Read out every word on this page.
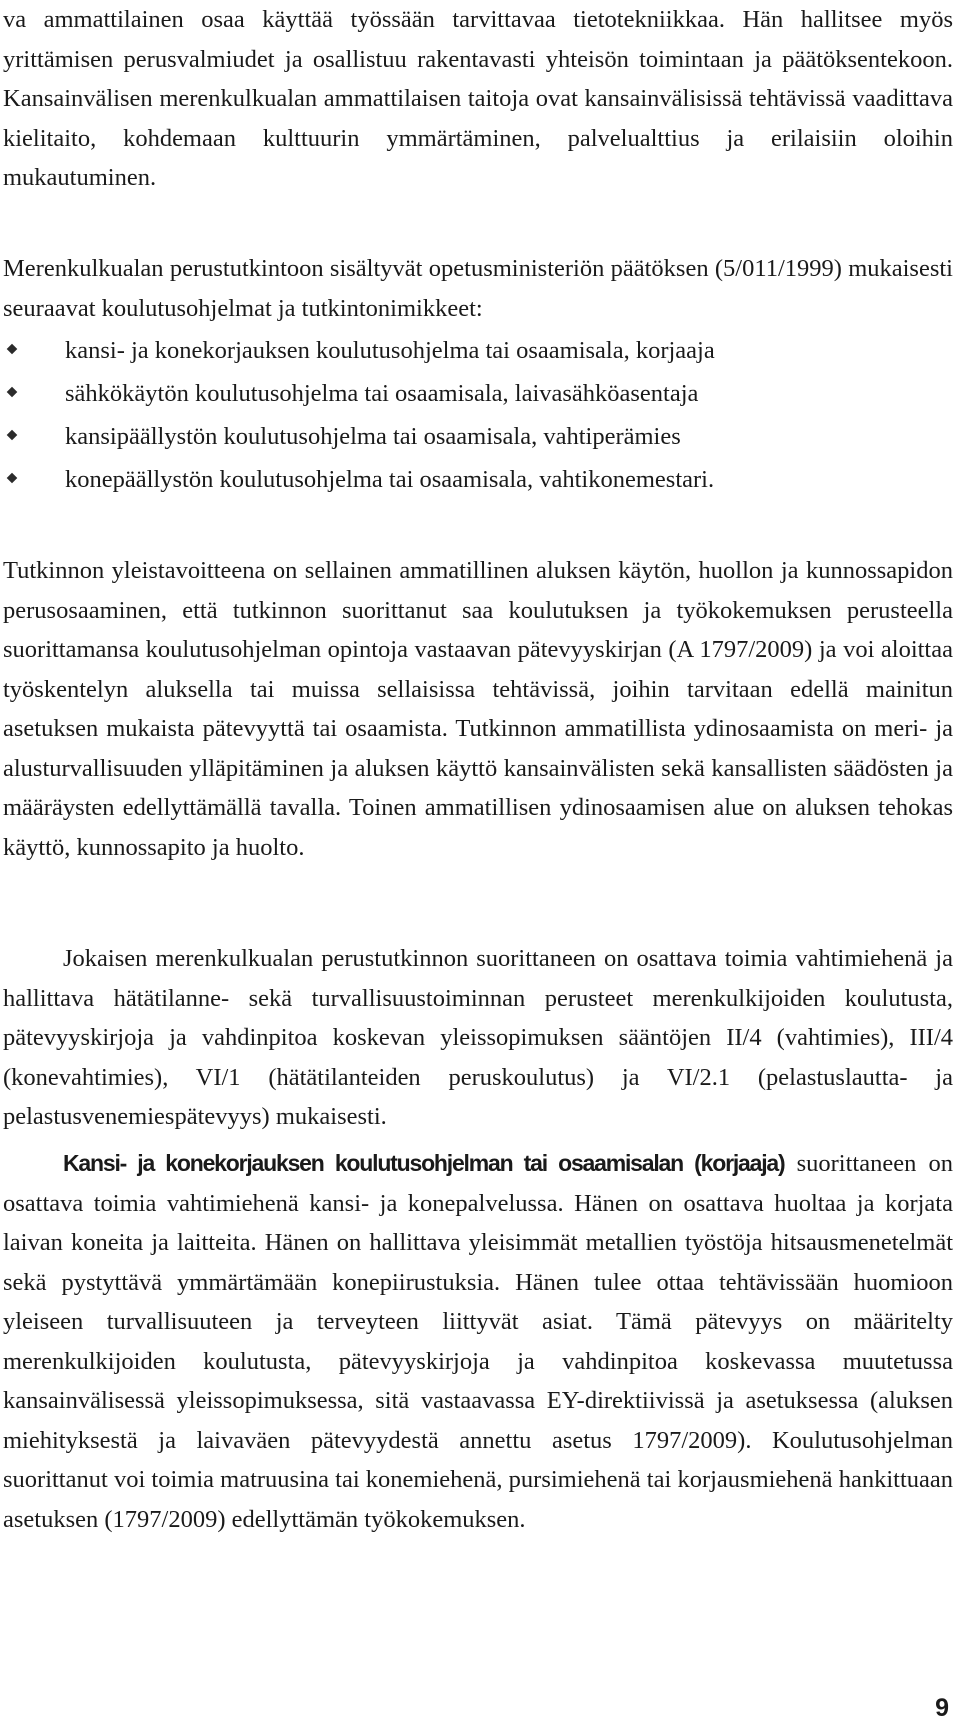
va ammattilainen osaa käyttää työssään tarvittavaa tietotekniikkaa. Hän hallitsee myös yrittämisen perusvalmiudet ja osallistuu rakentavasti yhteisön toimintaan ja päätöksentekoon. Kansainvälisen merenkulkualan ammattilaisen taitoja ovat kansainvälisissä tehtävissä vaadittava kielitaito, kohdemaan kulttuurin ymmärtäminen, palvelualttius ja erilaisiin oloihin mukautuminen.

Merenkulkualan perustutkintoon sisältyvät opetusministeriön päätöksen (5/011/1999) mukaisesti seuraavat koulutusohjelmat ja tutkintonimikkeet:

kansi- ja konekorjauksen koulutusohjelma tai osaamisala, korjaaja
sähkökäytön koulutusohjelma tai osaamisala, laivasähköasentaja
kansipäällystön koulutusohjelma tai osaamisala, vahtiperämies
konepäällystön koulutusohjelma tai osaamisala, vahtikonemestari.

Tutkinnon yleistavoitteena on sellainen ammatillinen aluksen käytön, huollon ja kunnossapidon perusosaaminen, että tutkinnon suorittanut saa koulutuksen ja työkokemuksen perusteella suorittamansa koulutusohjelman opintoja vastaavan pätevyyskirjan (A 1797/2009) ja voi aloittaa työskentelyn aluksella tai muissa sellaisissa tehtävissä, joihin tarvitaan edellä mainitun asetuksen mukaista pätevyyttä tai osaamista. Tutkinnon ammatillista ydinosaamista on meri- ja alusturvallisuuden ylläpitäminen ja aluksen käyttö kansainvälisten sekä kansallisten säädösten ja määräysten edellyttämällä tavalla. Toinen ammatillisen ydinosaamisen alue on aluksen tehokas käyttö, kunnossapito ja huolto.

Jokaisen merenkulkualan perustutkinnon suorittaneen on osattava toimia vahtimiehenä ja hallittava hätätilanne- sekä turvallisuustoiminnan perusteet merenkulkijoiden koulutusta, pätevyyskirjoja ja vahdinpitoa koskevan yleissopimuksen sääntöjen II/4 (vahtimies), III/4 (konevahtimies), VI/1 (hätätilanteiden peruskoulutus) ja VI/2.1 (pelastuslautta- ja pelastusvenemiespätevyys) mukaisesti.

Kansi- ja konekorjauksen koulutusohjelman tai osaamisalan (korjaaja) suorittaneen on osattava toimia vahtimiehenä kansi- ja konepalvelussa. Hänen on osattava huoltaa ja korjata laivan koneita ja laitteita. Hänen on hallittava yleisimmät metallien työstöja hitsausmenetelmät sekä pystyttävä ymmärtämään konepiirustuksia. Hänen tulee ottaa tehtävissään huomioon yleiseen turvallisuuteen ja terveyteen liittyvät asiat. Tämä pätevyys on määritelty merenkulkijoiden koulutusta, pätevyyskirjoja ja vahdinpitoa koskevassa muutetussa kansainvälisessä yleissopimuksessa, sitä vastaavassa EY-direktiivissä ja asetuksessa (aluksen miehityksestä ja laivaväen pätevyydestä annettu asetus 1797/2009). Koulutusohjelman suorittanut voi toimia matruusina tai konemiehenä, pursimiehenä tai korjausmiehenä hankittuaan asetuksen (1797/2009) edellyttämän työkokemuksen.

9
